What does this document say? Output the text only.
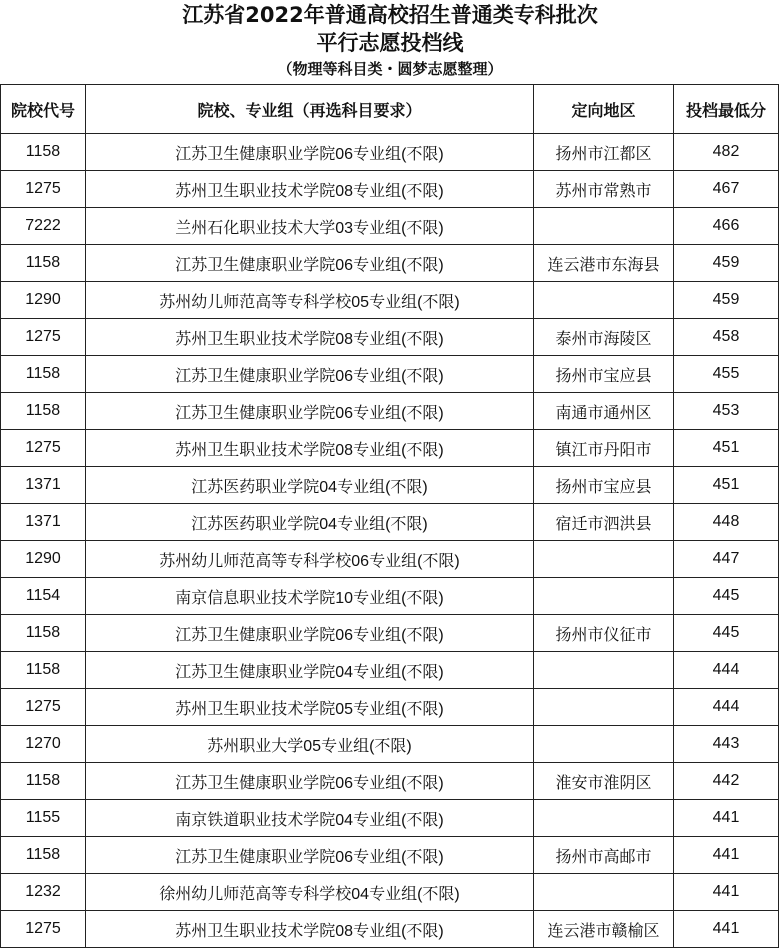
江苏省2022年普通高校招生普通类专科批次
平行志愿投档线
（物理等科目类・圆梦志愿整理）
院校代号	院校、专业组（再选科目要求）	定向地区	投档最低分
1158	江苏卫生健康职业学院06专业组(不限)	扬州市江都区	482
1275	苏州卫生职业技术学院08专业组(不限)	苏州市常熟市	467
7222	兰州石化职业技术大学03专业组(不限)		466
1158	江苏卫生健康职业学院06专业组(不限)	连云港市东海县	459
1290	苏州幼儿师范高等专科学校05专业组(不限)		459
1275	苏州卫生职业技术学院08专业组(不限)	泰州市海陵区	458
1158	江苏卫生健康职业学院06专业组(不限)	扬州市宝应县	455
1158	江苏卫生健康职业学院06专业组(不限)	南通市通州区	453
1275	苏州卫生职业技术学院08专业组(不限)	镇江市丹阳市	451
1371	江苏医药职业学院04专业组(不限)	扬州市宝应县	451
1371	江苏医药职业学院04专业组(不限)	宿迁市泗洪县	448
1290	苏州幼儿师范高等专科学校06专业组(不限)		447
1154	南京信息职业技术学院10专业组(不限)		445
1158	江苏卫生健康职业学院06专业组(不限)	扬州市仪征市	445
1158	江苏卫生健康职业学院04专业组(不限)		444
1275	苏州卫生职业技术学院05专业组(不限)		444
1270	苏州职业大学05专业组(不限)		443
1158	江苏卫生健康职业学院06专业组(不限)	淮安市淮阴区	442
1155	南京铁道职业技术学院04专业组(不限)		441
1158	江苏卫生健康职业学院06专业组(不限)	扬州市高邮市	441
1232	徐州幼儿师范高等专科学校04专业组(不限)		441
1275	苏州卫生职业技术学院08专业组(不限)	连云港市赣榆区	441
